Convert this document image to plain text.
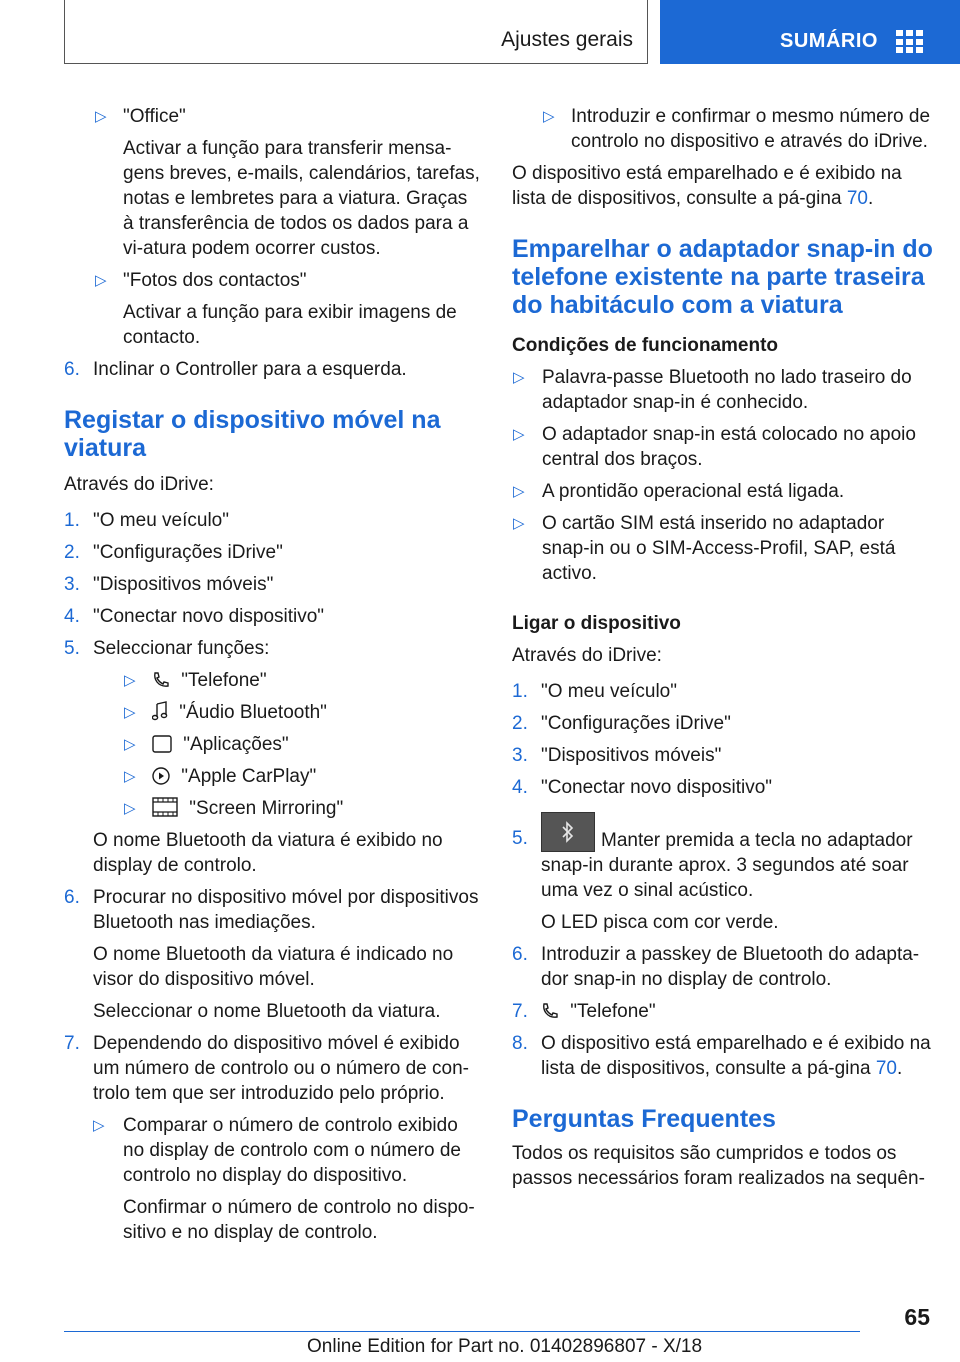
Ajustes gerais	SUMÁRIO
▷ "Office"
Activar a função para transferir mensa-gens breves, e-mails, calendários, tarefas, notas e lembretes para a viatura. Graças à transferência de todos os dados para a vi-atura podem ocorrer custos.
▷ "Fotos dos contactos"
Activar a função para exibir imagens de contacto.
6. Inclinar o Controller para a esquerda.
Registar o dispositivo móvel na viatura
Através do iDrive:
1. "O meu veículo"
2. "Configurações iDrive"
3. "Dispositivos móveis"
4. "Conectar novo dispositivo"
5. Seleccionar funções:
▷ "Telefone"
▷ "Áudio Bluetooth"
▷	"Aplicações"
▷ "Apple CarPlay"
▷	"Screen Mirroring"
O nome Bluetooth da viatura é exibido no display de controlo.
6. Procurar no dispositivo móvel por dispositivos Bluetooth nas imediações.
O nome Bluetooth da viatura é indicado no visor do dispositivo móvel.
Seleccionar o nome Bluetooth da viatura.
7. Dependendo do dispositivo móvel é exibido um número de controlo ou o número de con-trolo tem que ser introduzido pelo próprio.
▷ Comparar o número de controlo exibido no display de controlo com o número de controlo no display do dispositivo.
Confirmar o número de controlo no dispo-sitivo e no display de controlo.
▷ Introduzir e confirmar o mesmo número de controlo no dispositivo e através do iDrive.
O dispositivo está emparelhado e é exibido na lista de dispositivos, consulte a pá-gina 70.
Emparelhar o adaptador snap-in do telefone existente na parte traseira do habitáculo com a viatura
Condições de funcionamento
▷ Palavra-passe Bluetooth no lado traseiro do adaptador snap-in é conhecido.
▷ O adaptador snap-in está colocado no apoio central dos braços.
▷ A prontidão operacional está ligada.
▷ O cartão SIM está inserido no adaptador snap-in ou o SIM-Access-Profil, SAP, está activo.
Ligar o dispositivo
Através do iDrive:
1. "O meu veículo"
2. "Configurações iDrive"
3. "Dispositivos móveis"
4. "Conectar novo dispositivo"
5.	Manter premida a tecla no adaptador snap-in durante aprox. 3 segundos até soar uma vez o sinal acústico.
O LED pisca com cor verde.
6. Introduzir a passkey de Bluetooth do adapta-dor snap-in no display de controlo.
7. "Telefone"
8. O dispositivo está emparelhado e é exibido na lista de dispositivos, consulte a pá-gina 70.
Perguntas Frequentes
Todos os requisitos são cumpridos e todos os passos necessários foram realizados na sequên-
65
Online Edition for Part no. 01402896807 - X/18
